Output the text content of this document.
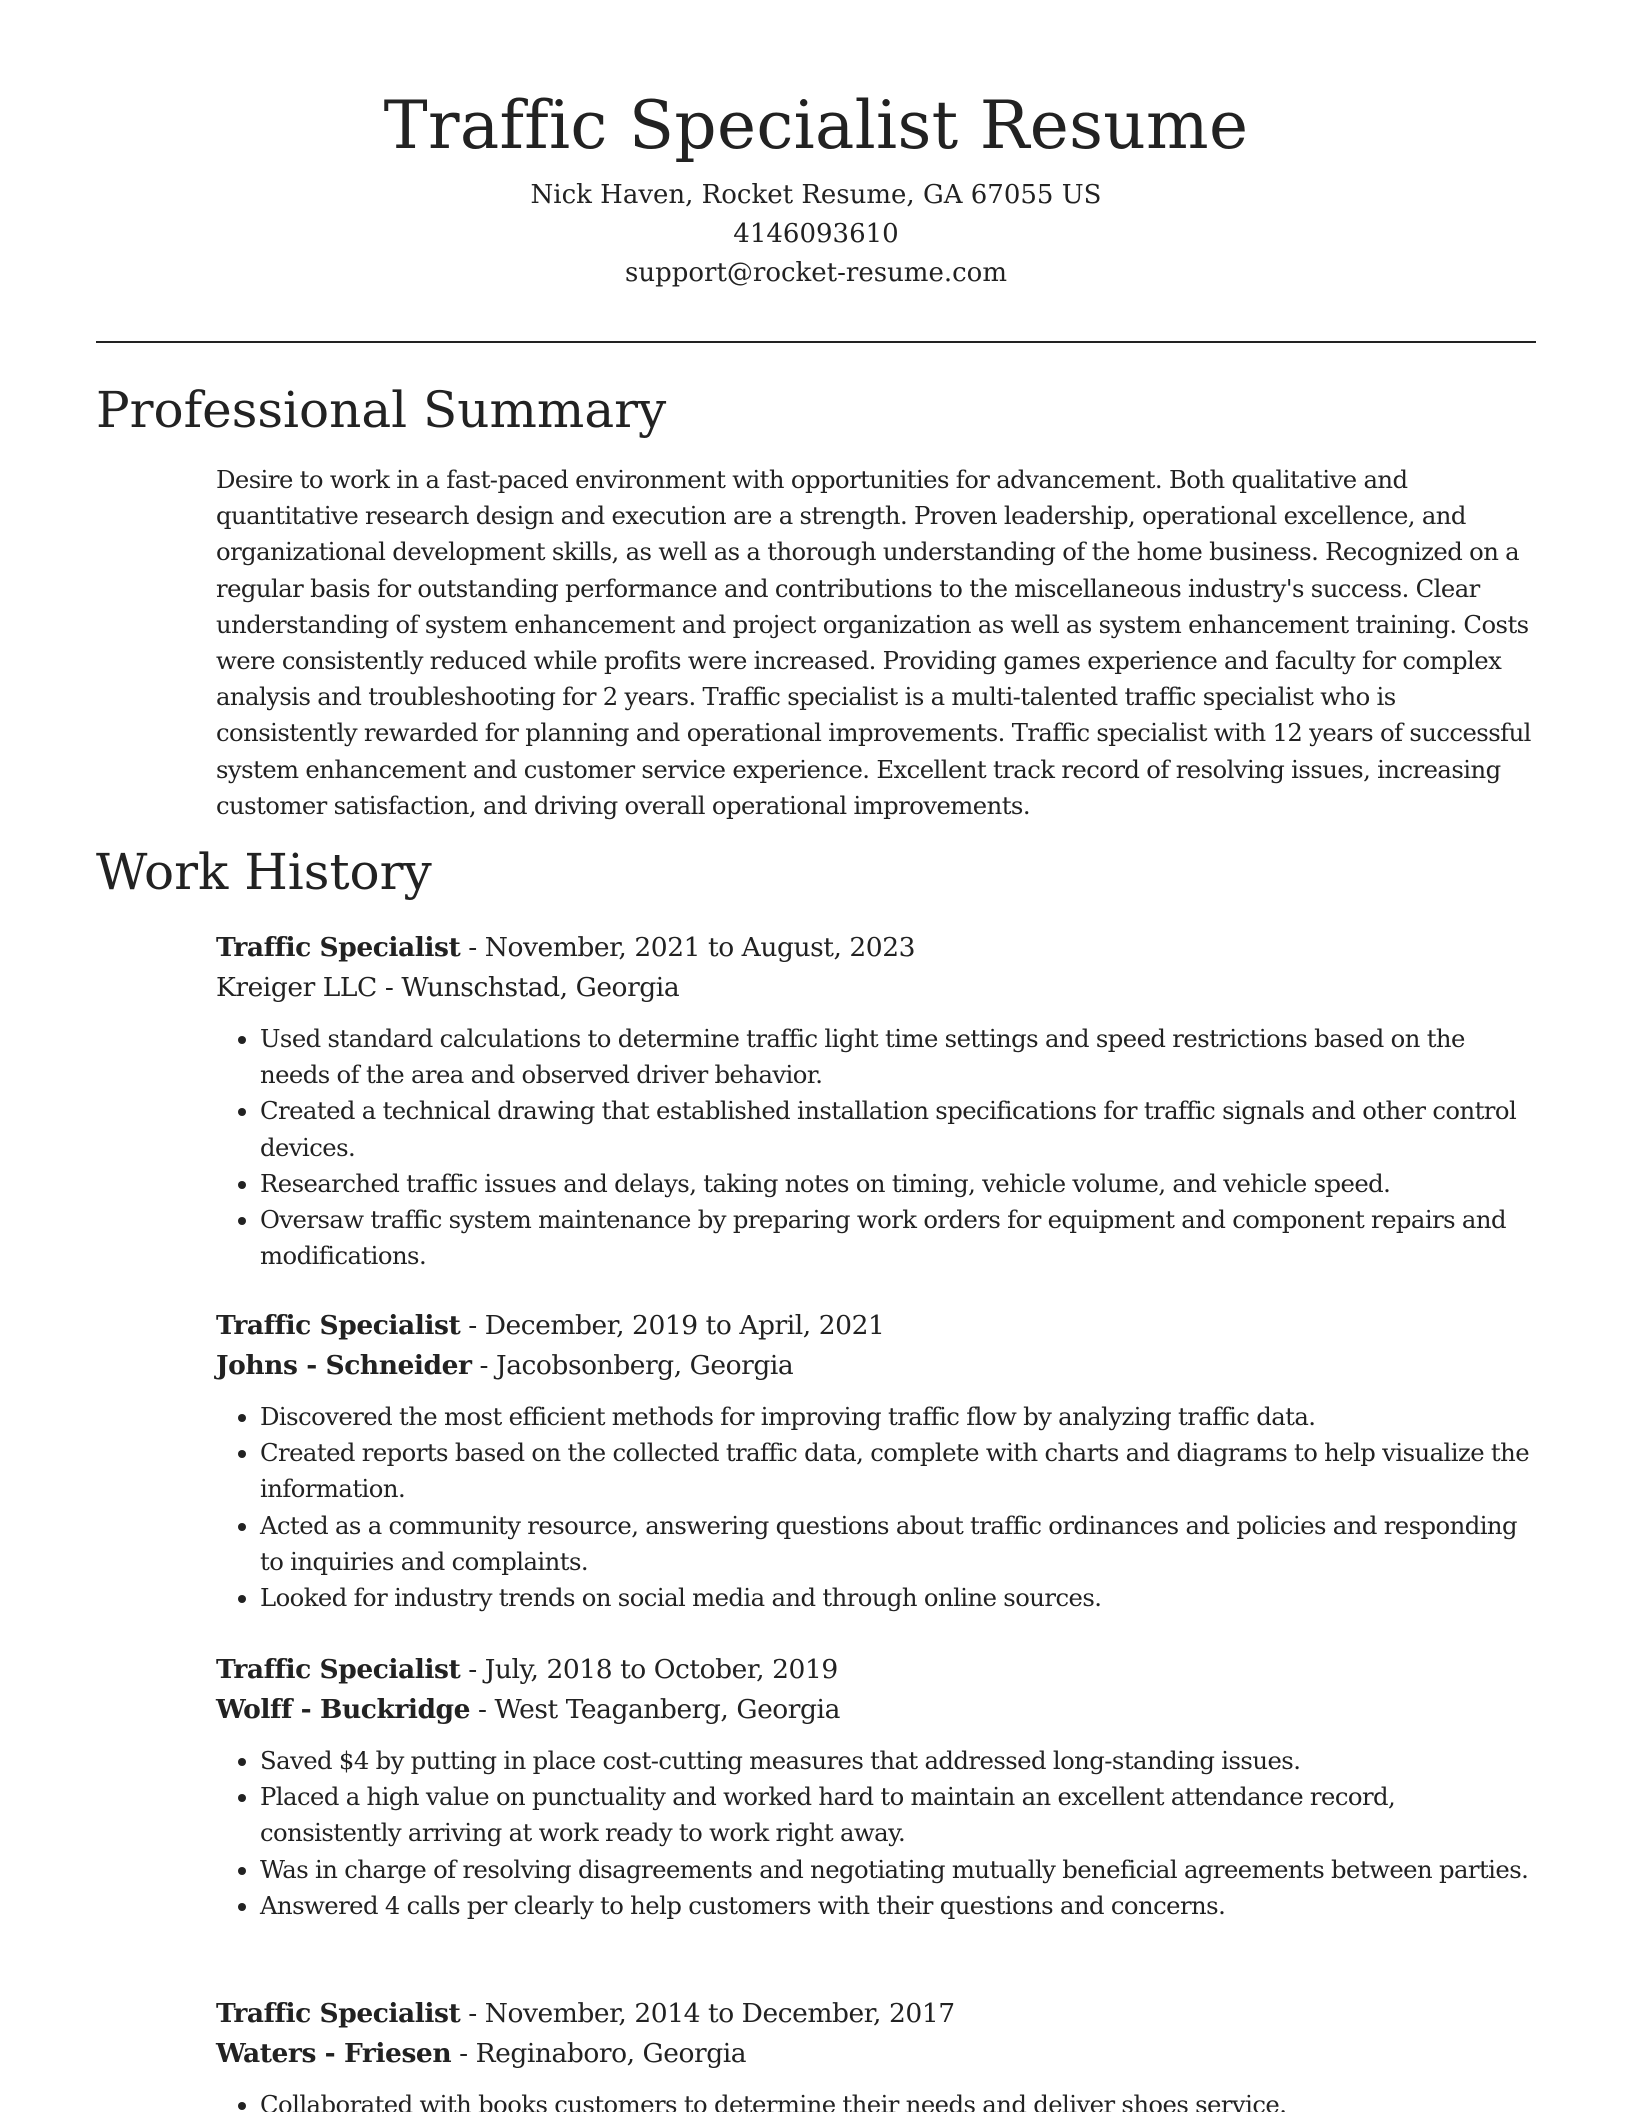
Traffic Specialist Resume
Nick Haven, Rocket Resume, GA 67055 US
4146093610
support@rocket-resume.com
Professional Summary

Desire to work in a fast-paced environment with opportunities for advancement. Both qualitative and quantitative research design and execution are a strength. Proven leadership, operational excellence, and organizational development skills, as well as a thorough understanding of the home business. Recognized on a regular basis for outstanding performance and contributions to the miscellaneous industry's success. Clear understanding of system enhancement and project organization as well as system enhancement training. Costs were consistently reduced while profits were increased. Providing games experience and faculty for complex analysis and troubleshooting for 2 years. Traffic specialist is a multi-talented traffic specialist who is consistently rewarded for planning and operational improvements. Traffic specialist with 12 years of successful system enhancement and customer service experience. Excellent track record of resolving issues, increasing customer satisfaction, and driving overall operational improvements.

Work History
Traffic Specialist - November, 2021 to August, 2023
Kreiger LLC - Wunschstad, Georgia
• Used standard calculations to determine traffic light time settings and speed restrictions based on the needs of the area and observed driver behavior.
• Created a technical drawing that established installation specifications for traffic signals and other control devices.
• Researched traffic issues and delays, taking notes on timing, vehicle volume, and vehicle speed.
• Oversaw traffic system maintenance by preparing work orders for equipment and component repairs and modifications.
Traffic Specialist - December, 2019 to April, 2021
Johns - Schneider - Jacobsonberg, Georgia
• Discovered the most efficient methods for improving traffic flow by analyzing traffic data.
• Created reports based on the collected traffic data, complete with charts and diagrams to help visualize the information.
• Acted as a community resource, answering questions about traffic ordinances and policies and responding to inquiries and complaints.
• Looked for industry trends on social media and through online sources.
Traffic Specialist - July, 2018 to October, 2019
Wolff - Buckridge - West Teaganberg, Georgia
• Saved $4 by putting in place cost-cutting measures that addressed long-standing issues.
• Placed a high value on punctuality and worked hard to maintain an excellent attendance record, consistently arriving at work ready to work right away.
• Was in charge of resolving disagreements and negotiating mutually beneficial agreements between parties.
• Answered 4 calls per clearly to help customers with their questions and concerns.
Traffic Specialist - November, 2014 to December, 2017
Waters - Friesen - Reginaboro, Georgia
• Collaborated with books customers to determine their needs and deliver shoes service.
